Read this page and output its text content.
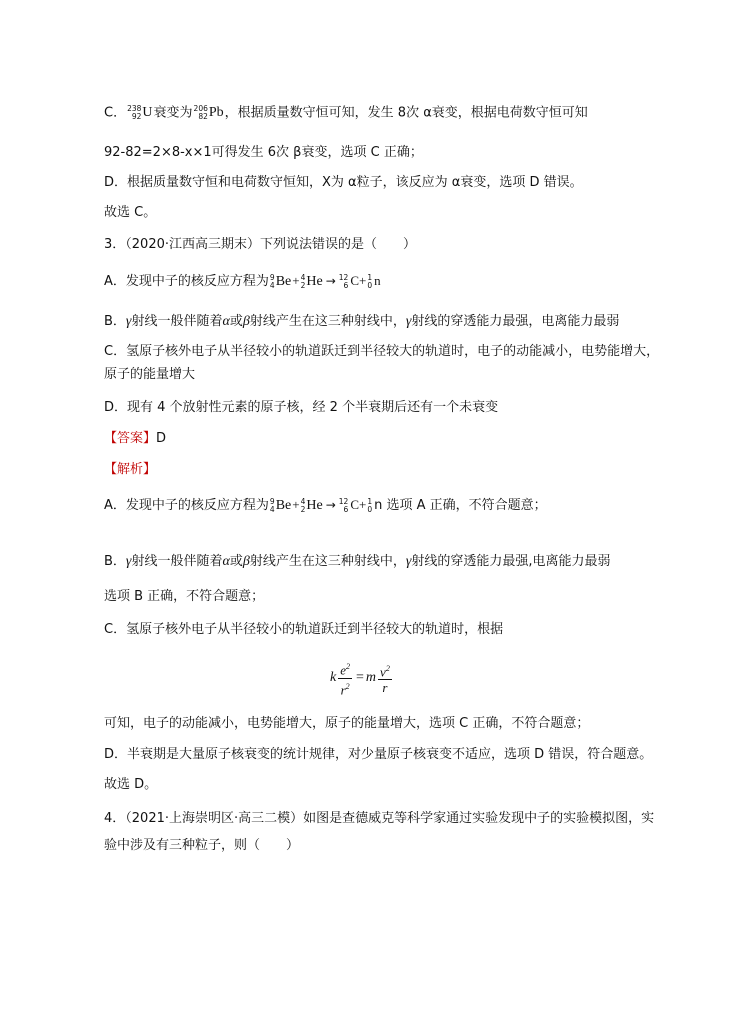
C． 238
92 U 衰变为 206
82 Pb ，根据质量数守恒可知，发生 8次 α衰变，根据电荷数守恒可知
92-82=2×8-x×1可得发生 6次 β衰变，选项 C 正确；
D．根据质量数守恒和电荷数守恒知，X为 α粒子，该反应为 α衰变，选项 D 错误。
故选 C。
3．（2020·江西高三期末）下列说法错误的是（　　）
A．发现中子的核反应方程为 9
4 Be + 4
2 He → 12
6 C+ 1
0 n
B．γ射线一般伴随着α或β射线产生在这三种射线中，γ射线的穿透能力最强，电离能力最弱
C．氢原子核外电子从半径较小的轨道跃迁到半径较大的轨道时，电子的动能减小，电势能增大，
原子的能量增大
D．现有 4 个放射性元素的原子核，经 2 个半衰期后还有一个未衰变
【答案】D
【解析】
A．发现中子的核反应方程为 9
4 Be + 4
2 He → 12
6 C+ 1
0 n 选项 A 正确，不符合题意；
B．γ射线一般伴随着α或β射线产生在这三种射线中，γ射线的穿透能力最强,电离能力最弱
选项 B 正确，不符合题意；
C．氢原子核外电子从半径较小的轨道跃迁到半径较大的轨道时，根据
k $\frac{e^2}{r^2} = m \frac{v^2}{r}$
可知，电子的动能减小，电势能增大，原子的能量增大，选项 C 正确，不符合题意；
D．半衰期是大量原子核衰变的统计规律，对少量原子核衰变不适应，选项 D 错误，符合题意。
故选 D。
4．（2021·上海崇明区·高三二模）如图是查德威克等科学家通过实验发现中子的实验模拟图，实
验中涉及有三种粒子，则（　　）
